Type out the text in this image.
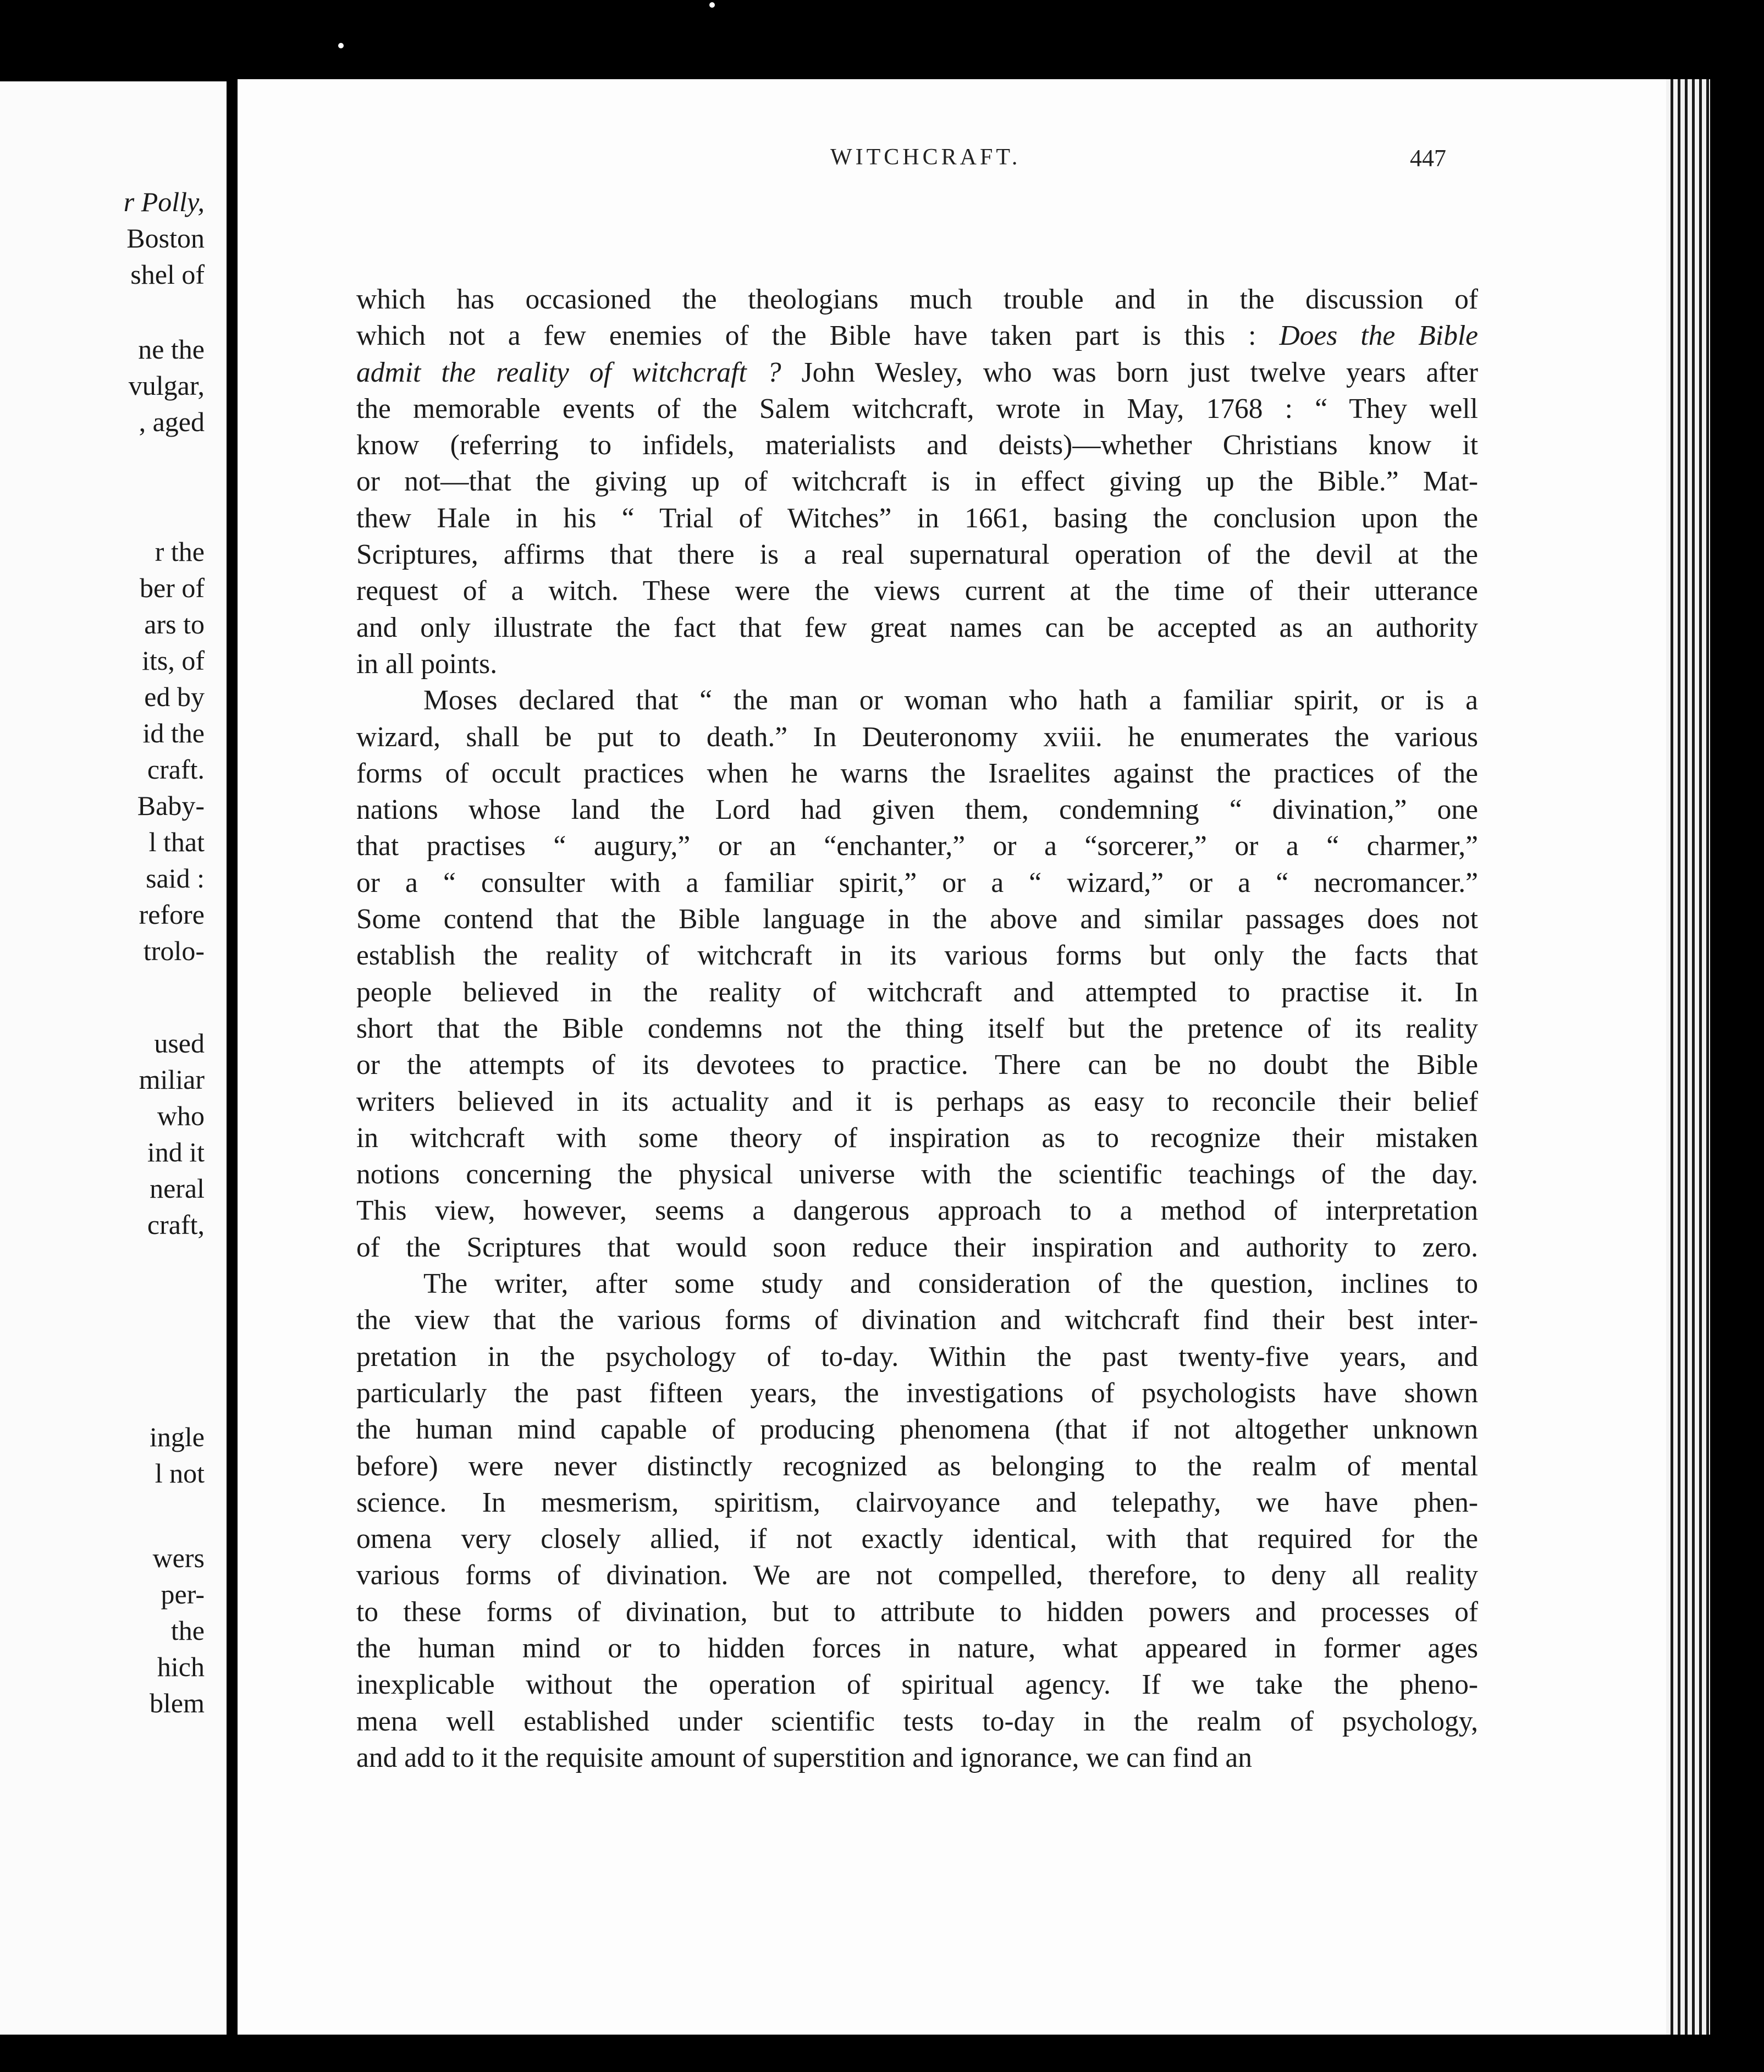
r Polly,
Boston
shel of
ne the
vulgar,
, aged
r the
ber of
ars to
its, of
ed by
id the
craft.
Baby-
l that
said :
refore
trolo-
used
miliar
who
ind it
neral
craft,
ingle
l not
wers
per-
the
hich
blem
WITCHCRAFT.	447
which has occasioned the theologians much trouble and in the discussion of
which not a few enemies of the Bible have taken part is this : Does the Bible
admit the reality of witchcraft ? John Wesley, who was born just twelve years after
the memorable events of the Salem witchcraft, wrote in May, 1768 : “ They well
know (referring to infidels, materialists and deists)—whether Christians know it
or not—that the giving up of witchcraft is in effect giving up the Bible.” Mat-
thew Hale in his “ Trial of Witches” in 1661, basing the conclusion upon the
Scriptures, affirms that there is a real supernatural operation of the devil at the
request of a witch. These were the views current at the time of their utterance
and only illustrate the fact that few great names can be accepted as an authority
in all points.
Moses declared that “ the man or woman who hath a familiar spirit, or is a
wizard, shall be put to death.” In Deuteronomy xviii. he enumerates the various
forms of occult practices when he warns the Israelites against the practices of the
nations whose land the Lord had given them, condemning “ divination,” one
that practises “ augury,” or an “enchanter,” or a “sorcerer,” or a “ charmer,”
or a “ consulter with a familiar spirit,” or a “ wizard,” or a “ necromancer.”
Some contend that the Bible language in the above and similar passages does not
establish the reality of witchcraft in its various forms but only the facts that
people believed in the reality of witchcraft and attempted to practise it. In
short that the Bible condemns not the thing itself but the pretence of its reality
or the attempts of its devotees to practice. There can be no doubt the Bible
writers believed in its actuality and it is perhaps as easy to reconcile their belief
in witchcraft with some theory of inspiration as to recognize their mistaken
notions concerning the physical universe with the scientific teachings of the day.
This view, however, seems a dangerous approach to a method of interpretation
of the Scriptures that would soon reduce their inspiration and authority to zero.
The writer, after some study and consideration of the question, inclines to
the view that the various forms of divination and witchcraft find their best inter-
pretation in the psychology of to-day. Within the past twenty-five years, and
particularly the past fifteen years, the investigations of psychologists have shown
the human mind capable of producing phenomena (that if not altogether unknown
before) were never distinctly recognized as belonging to the realm of mental
science. In mesmerism, spiritism, clairvoyance and telepathy, we have phen-
omena very closely allied, if not exactly identical, with that required for the
various forms of divination. We are not compelled, therefore, to deny all reality
to these forms of divination, but to attribute to hidden powers and processes of
the human mind or to hidden forces in nature, what appeared in former ages
inexplicable without the operation of spiritual agency. If we take the pheno-
mena well established under scientific tests to-day in the realm of psychology,
and add to it the requisite amount of superstition and ignorance, we can find an
